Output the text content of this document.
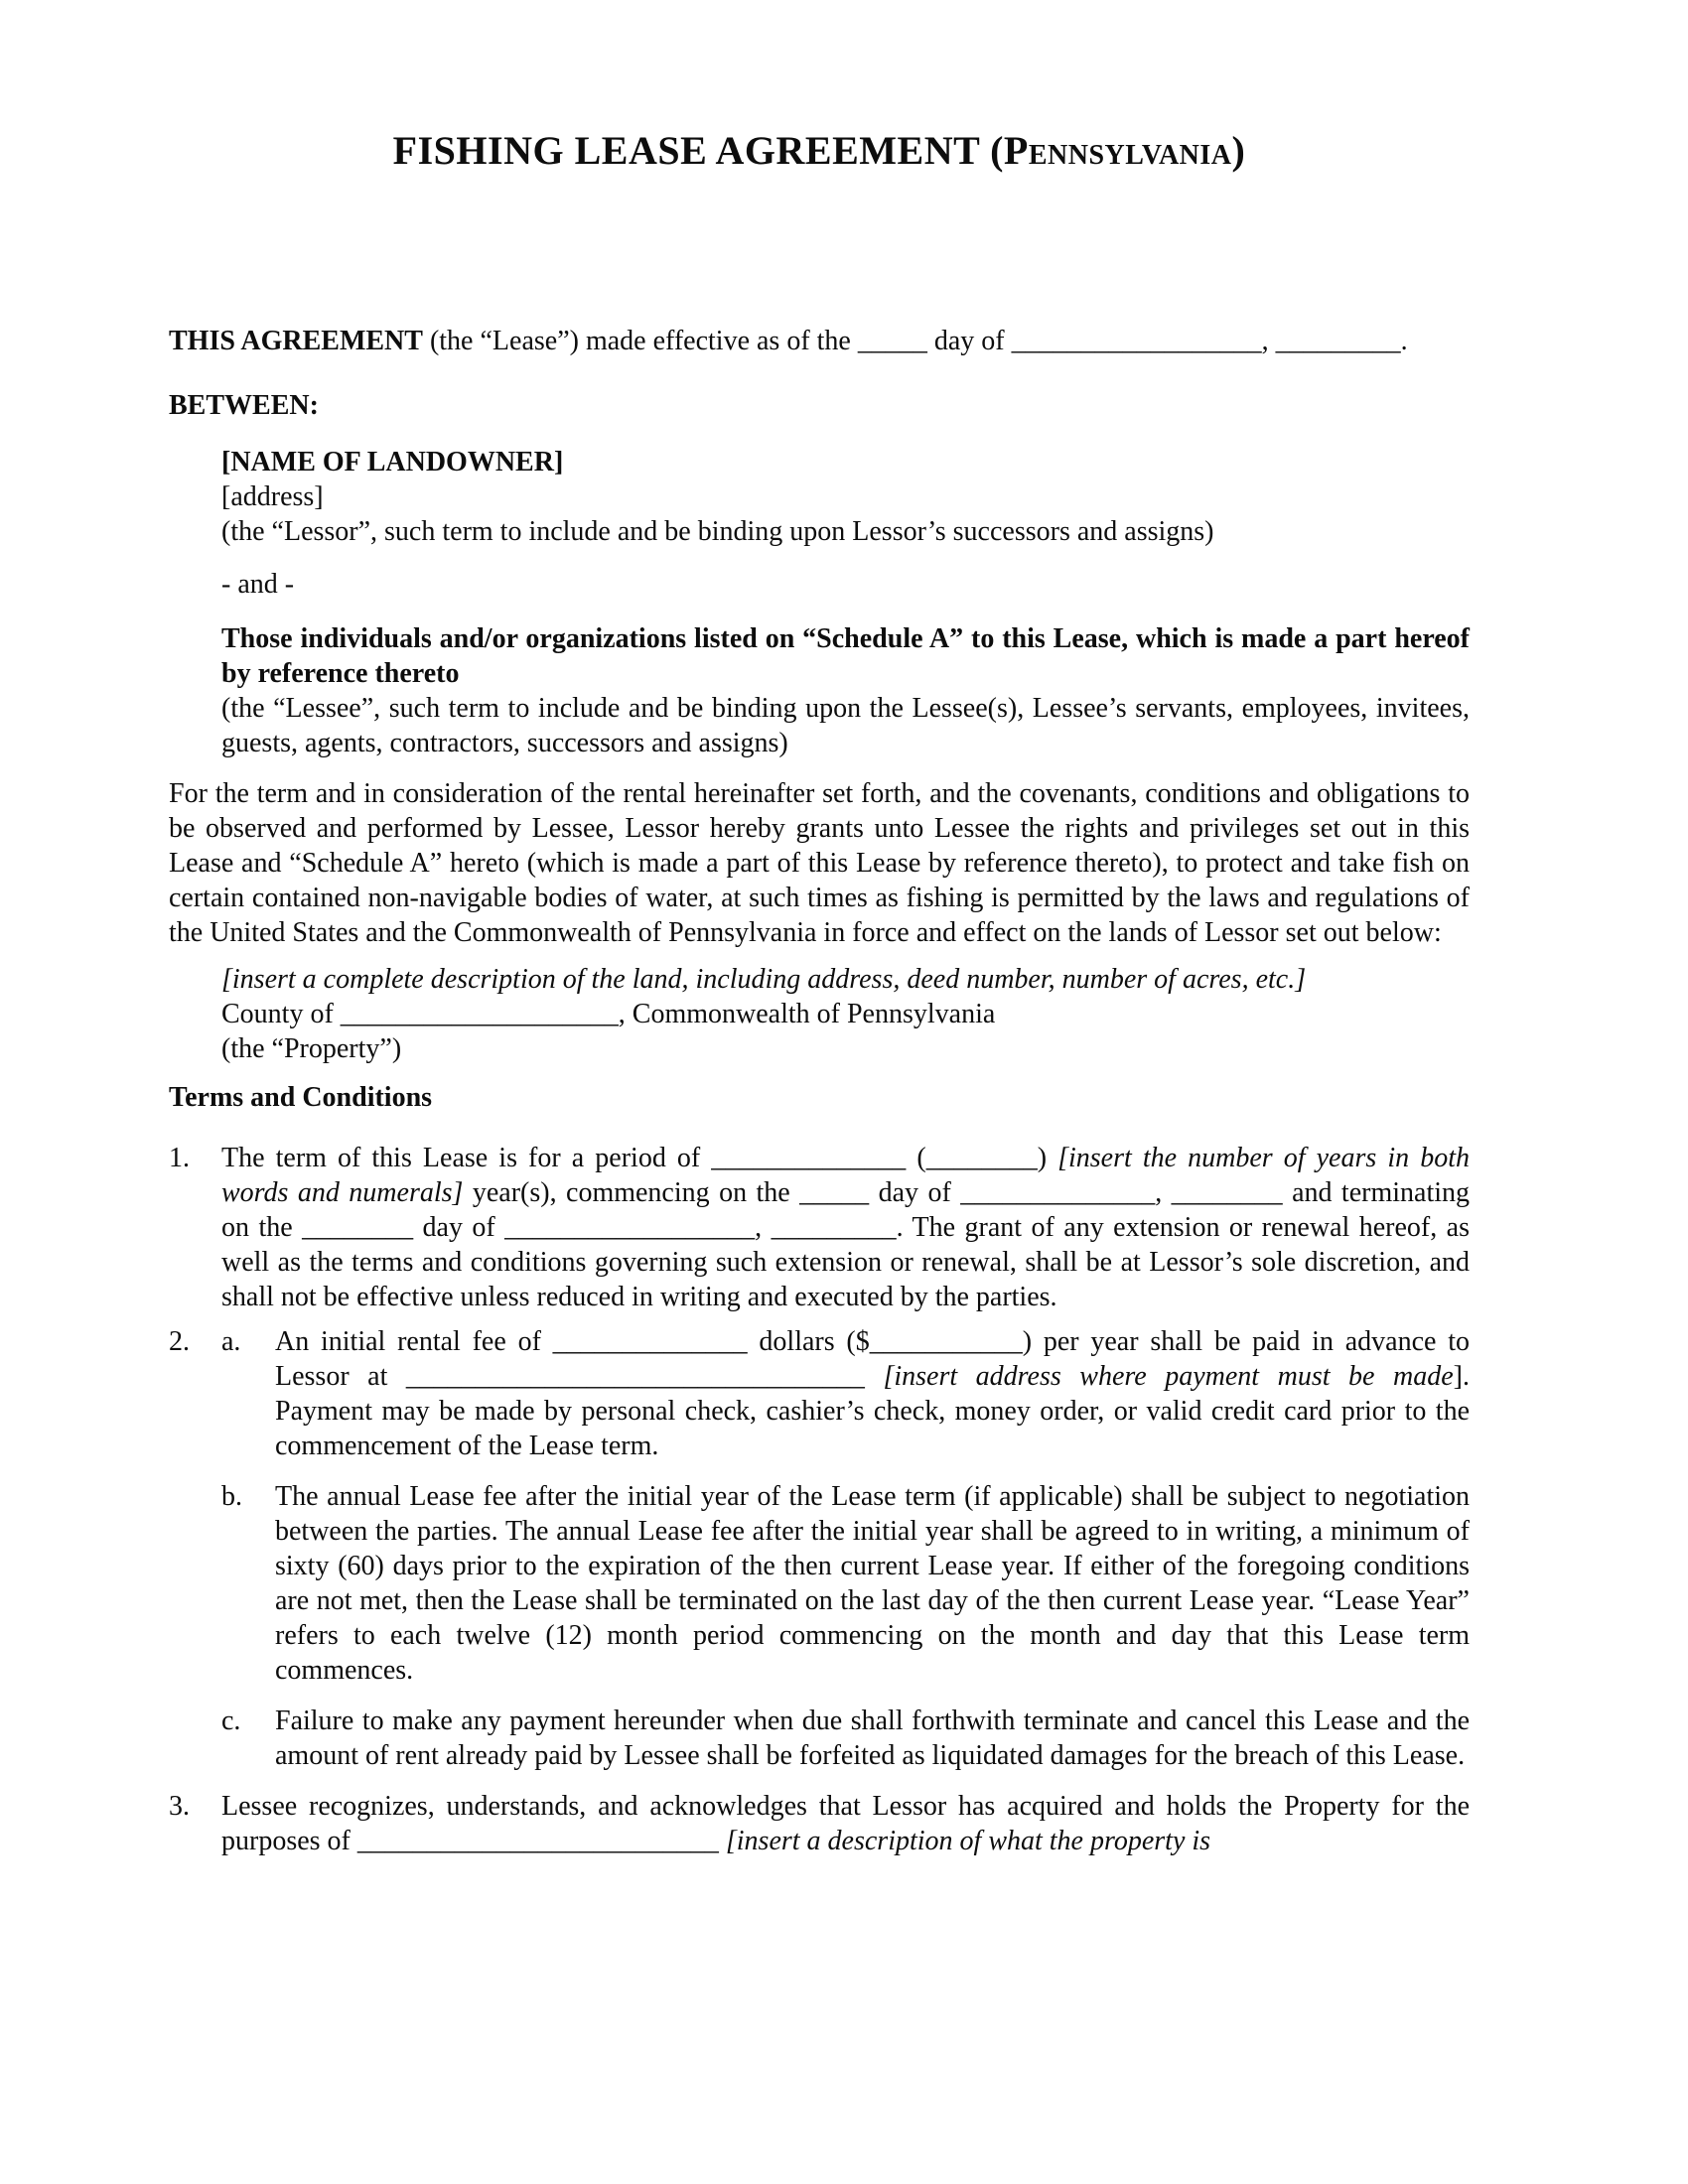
FISHING LEASE AGREEMENT (Pennsylvania)

THIS AGREEMENT (the “Lease”) made effective as of the _____ day of __________________, _________.

BETWEEN:

[NAME OF LANDOWNER]

[address]

(the “Lessor”, such term to include and be binding upon Lessor’s successors and assigns)

- and -

Those individuals and/or organizations listed on “Schedule A” to this Lease, which is made a part hereof by reference thereto

(the “Lessee”, such term to include and be binding upon the Lessee(s), Lessee’s servants, employees, invitees, guests, agents, contractors, successors and assigns)

For the term and in consideration of the rental hereinafter set forth, and the covenants, conditions and obligations to be observed and performed by Lessee, Lessor hereby grants unto Lessee the rights and privileges set out in this Lease and “Schedule A” hereto (which is made a part of this Lease by reference thereto), to protect and take fish on certain contained non-navigable bodies of water, at such times as fishing is permitted by the laws and regulations of the United States and the Commonwealth of Pennsylvania in force and effect on the lands of Lessor set out below:

[insert a complete description of the land, including address, deed number, number of acres, etc.]

County of ____________________, Commonwealth of Pennsylvania

(the “Property”)

Terms and Conditions

1.	The term of this Lease is for a period of ______________ (________) [insert the number of years in both words and numerals] year(s), commencing on the _____ day of ______________, ________ and terminating on the ________ day of __________________, _________. The grant of any extension or renewal hereof, as well as the terms and conditions governing such extension or renewal, shall be at Lessor’s sole discretion, and shall not be effective unless reduced in writing and executed by the parties.
2.	a.	An initial rental fee of ______________ dollars ($___________) per year shall be paid in advance to Lessor at _________________________________ [insert address where payment must be made]. Payment may be made by personal check, cashier’s check, money order, or valid credit card prior to the commencement of the Lease term.
b.	The annual Lease fee after the initial year of the Lease term (if applicable) shall be subject to negotiation between the parties. The annual Lease fee after the initial year shall be agreed to in writing, a minimum of sixty (60) days prior to the expiration of the then current Lease year. If either of the foregoing conditions are not met, then the Lease shall be terminated on the last day of the then current Lease year. “Lease Year” refers to each twelve (12) month period commencing on the month and day that this Lease term commences.
c.	Failure to make any payment hereunder when due shall forthwith terminate and cancel this Lease and the amount of rent already paid by Lessee shall be forfeited as liquidated damages for the breach of this Lease.
3.	Lessee recognizes, understands, and acknowledges that Lessor has acquired and holds the Property for the purposes of __________________________ [insert a description of what the property is
